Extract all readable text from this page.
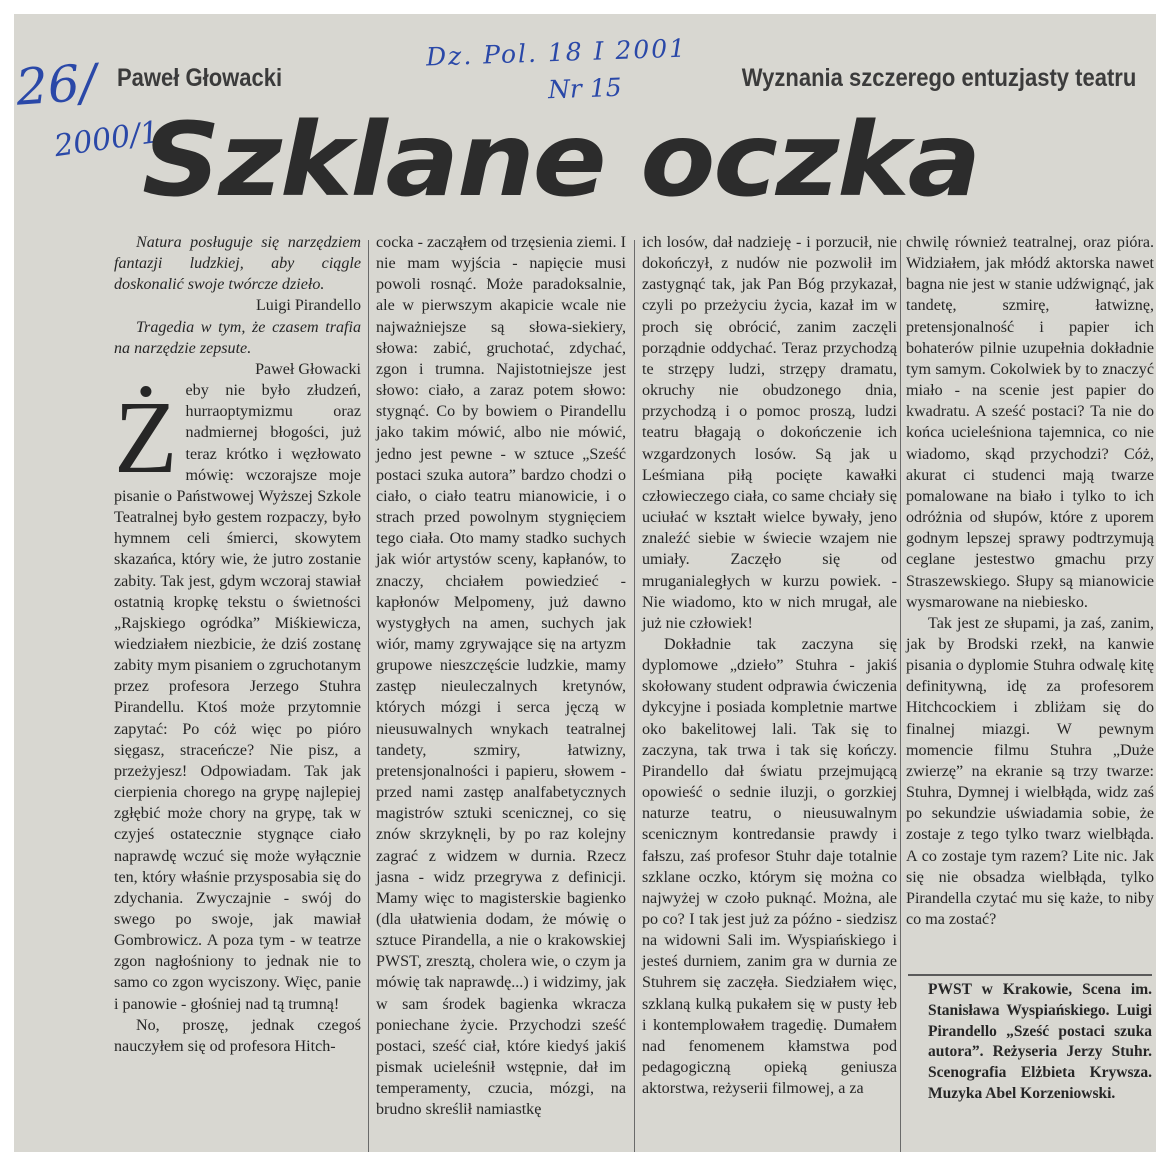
26/
2000/1
Dz. Pol. 18 I 2001
Nr 15
Paweł Głowacki	Wyznania szczerego entuzjasty teatru
Szklane oczka

Natura posługuje się narzędziem fantazji ludzkiej, aby ciągle doskonalić swoje twórcze dzieło.

Luigi Pirandello

Tragedia w tym, że czasem trafia na narzędzie zepsute.

Paweł Głowacki

Żeby nie było złudzeń, hurraoptymizmu oraz nadmiernej błogości, już teraz krótko i węzłowato mówię: wczorajsze moje pisanie o Państwowej Wyższej Szkole Teatralnej było gestem rozpaczy, było hymnem celi śmierci, skowytem skazańca, który wie, że jutro zostanie zabity. Tak jest, gdym wczoraj stawiał ostatnią kropkę tekstu o świetności „Rajskiego ogródka” Miśkiewicza, wiedziałem niezbicie, że dziś zostanę zabity mym pisaniem o zgruchotanym przez profesora Jerzego Stuhra Pirandellu. Ktoś może przytomnie zapytać: Po cóż więc po pióro sięgasz, straceńcze? Nie pisz, a przeżyjesz! Odpowiadam. Tak jak cierpienia chorego na grypę najlepiej zgłębić może chory na grypę, tak w czyjeś ostatecznie stygnące ciało naprawdę wczuć się może wyłącznie ten, który właśnie przysposabia się do zdychania. Zwyczajnie - swój do swego po swoje, jak mawiał Gombrowicz. A poza tym - w teatrze zgon nagłośniony to jednak nie to samo co zgon wyciszony. Więc, panie i panowie - głośniej nad tą trumną!

No, proszę, jednak czegoś nauczyłem się od profesora Hitch-

cocka - zacząłem od trzęsienia ziemi. I nie mam wyjścia - napięcie musi powoli rosnąć. Może paradoksalnie, ale w pierwszym akapicie wcale nie najważniejsze są słowa-siekiery, słowa: zabić, gruchotać, zdychać, zgon i trumna. Najistotniejsze jest słowo: ciało, a zaraz potem słowo: stygnąć. Co by bowiem o Pirandellu jako takim mówić, albo nie mówić, jedno jest pewne - w sztuce „Sześć postaci szuka autora” bardzo chodzi o ciało, o ciało teatru mianowicie, i o strach przed powolnym stygnięciem tego ciała. Oto mamy stadko suchych jak wiór artystów sceny, kapłanów, to znaczy, chciałem powiedzieć - kapłonów Melpomeny, już dawno wystygłych na amen, suchych jak wiór, mamy zgrywające się na artyzm grupowe nieszczęście ludzkie, mamy zastęp nieuleczalnych kretynów, których mózgi i serca jęczą w nieusuwalnych wnykach teatralnej tandety, szmiry, łatwizny, pretensjonalności i papieru, słowem - przed nami zastęp analfabetycznych magistrów sztuki scenicznej, co się znów skrzyknęli, by po raz kolejny zagrać z widzem w durnia. Rzecz jasna - widz przegrywa z definicji. Mamy więc to magisterskie bagienko (dla ułatwienia dodam, że mówię o sztuce Pirandella, a nie o krakowskiej PWST, zresztą, cholera wie, o czym ja mówię tak naprawdę...) i widzimy, jak w sam środek bagienka wkracza poniechane życie. Przychodzi sześć postaci, sześć ciał, które kiedyś jakiś pismak ucieleśnił wstępnie, dał im temperamenty, czucia, mózgi, na brudno skreślił namiastkę

ich losów, dał nadzieję - i porzucił, nie dokończył, z nudów nie pozwolił im zastygnąć tak, jak Pan Bóg przykazał, czyli po przeżyciu życia, kazał im w proch się obrócić, zanim zaczęli porządnie oddychać. Teraz przychodzą te strzępy ludzi, strzępy dramatu, okruchy nie obudzonego dnia, przychodzą i o pomoc proszą, ludzi teatru błagają o dokończenie ich wzgardzonych losów. Są jak u Leśmiana piłą pocięte kawałki człowieczego ciała, co same chciały się uciułać w kształt wielce bywały, jeno znaleźć siebie w świecie wzajem nie umiały. Zaczęło się od mruganiaległych w kurzu powiek. - Nie wiadomo, kto w nich mrugał, ale już nie człowiek!

Dokładnie tak zaczyna się dyplomowe „dzieło” Stuhra - jakiś skołowany student odprawia ćwiczenia dykcyjne i posiada kompletnie martwe oko bakelitowej lali. Tak się to zaczyna, tak trwa i tak się kończy. Pirandello dał światu przejmującą opowieść o sednie iluzji, o gorzkiej naturze teatru, o nieusuwalnym scenicznym kontredansie prawdy i fałszu, zaś profesor Stuhr daje totalnie szklane oczko, którym się można co najwyżej w czoło puknąć. Można, ale po co? I tak jest już za późno - siedzisz na widowni Sali im. Wyspiańskiego i jesteś durniem, zanim gra w durnia ze Stuhrem się zaczęła. Siedziałem więc, szklaną kulką pukałem się w pusty łeb i kontemplowałem tragedię. Dumałem nad fenomenem kłamstwa pod pedagogiczną opieką geniusza aktorstwa, reżyserii filmowej, a za

chwilę również teatralnej, oraz pióra. Widziałem, jak młódź aktorska nawet bagna nie jest w stanie udźwignąć, jak tandetę, szmirę, łatwiznę, pretensjonalność i papier ich bohaterów pilnie uzupełnia dokładnie tym samym. Cokolwiek by to znaczyć miało - na scenie jest papier do kwadratu. A sześć postaci? Ta nie do końca ucieleśniona tajemnica, co nie wiadomo, skąd przychodzi? Cóż, akurat ci studenci mają twarze pomalowane na biało i tylko to ich odróżnia od słupów, które z uporem godnym lepszej sprawy podtrzymują ceglane jestestwo gmachu przy Straszewskiego. Słupy są mianowicie wysmarowane na niebiesko.

Tak jest ze słupami, ja zaś, zanim, jak by Brodski rzekł, na kanwie pisania o dyplomie Stuhra odwalę kitę definitywną, idę za profesorem Hitchcockiem i zbliżam się do finalnej miazgi. W pewnym momencie filmu Stuhra „Duże zwierzę” na ekranie są trzy twarze: Stuhra, Dymnej i wielbłąda, widz zaś po sekundzie uświadamia sobie, że zostaje z tego tylko twarz wielbłąda. A co zostaje tym razem? Lite nic. Jak się nie obsadza wielbłąda, tylko Pirandella czytać mu się każe, to niby co ma zostać?

PWST w Krakowie, Scena im. Stanisława Wyspiańskiego. Luigi Pirandello „Sześć postaci szuka autora”. Reżyseria Jerzy Stuhr. Scenografia Elżbieta Krywsza. Muzyka Abel Korzeniowski.
